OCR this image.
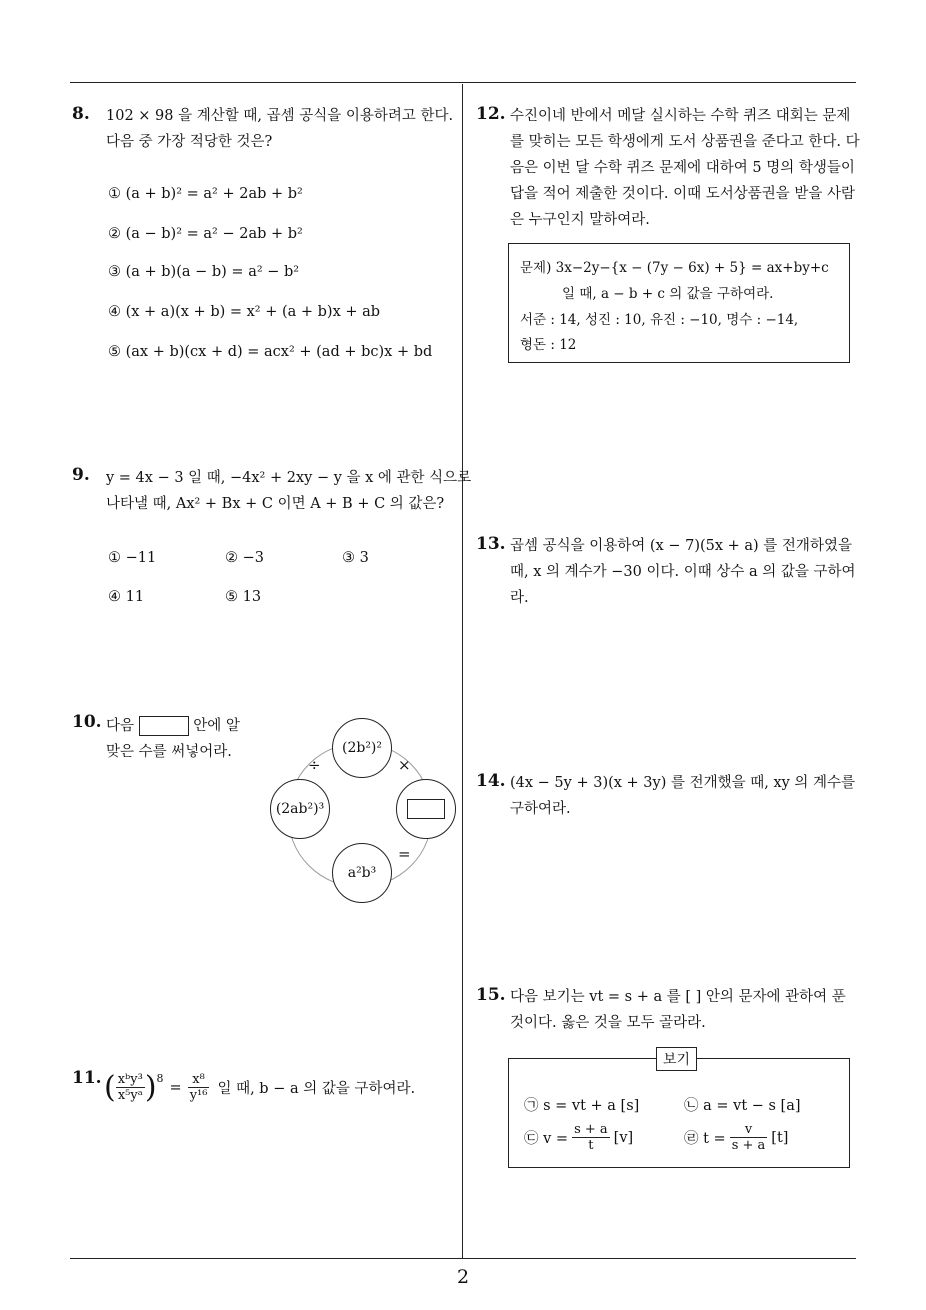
8. 102 × 98 을 계산할 때, 곱셈 공식을 이용하려고 한다. 다음 중 가장 적당한 것은?
① (a + b)² = a² + 2ab + b²
② (a − b)² = a² − 2ab + b²
③ (a + b)(a − b) = a² − b²
④ (x + a)(x + b) = x² + (a + b)x + ab
⑤ (ax + b)(cx + d) = acx² + (ad + bc)x + bd
9. y = 4x − 3 일 때, −4x² + 2xy − y 을 x 에 관한 식으로
나타낼 때, Ax² + Bx + C 이면 A + B + C 의 값은?
① −11	② −3	③ 3
④ 11	⑤ 13
10. 다음	안에 알
맞은 수를 써넣어라.	(2b²)²
(2ab²)³
a²b³
÷	×
=
11. ( $\frac{\text{xᵇy³}}{\text{x⁵yᵃ}} )^8$
= $\frac{\text{x⁸}}{\text{y¹⁶}}$ 일 때, b − a 의 값을 구하여라.
12. 수진이네 반에서 메달 실시하는 수학 퀴즈 대회는 문제를 맞히는 모든 학생에게 도서 상품권을 준다고 한다. 다음은 이번 달 수학 퀴즈 문제에 대하여 5 명의 학생들이 답을 적어 제출한 것이다. 이때 도서상품권을 받을 사람은 누구인지 말하여라.
문제) 3x−2y−{x − (7y − 6x) + 5} = ax+by+c
일 때, a − b + c 의 값을 구하여라.
서준 : 14, 성진 : 10, 유진 : −10, 명수 : −14,
형돈 : 12
13. 곱셈 공식을 이용하여 (x − 7)(5x + a) 를 전개하였을 때, x 의 계수가 −30 이다. 이때 상수 a 의 값을 구하여라.
14. (4x − 5y + 3)(x + 3y) 를 전개했을 때, xy 의 계수를 구하여라.
15. 다음 보기는 vt = s + a 를 [ ] 안의 문자에 관하여 푼 것이다. 옳은 것을 모두 골라라.
보기
㉠ s = vt + a [s]	㉡ a = vt − s [a]
㉢ $v = \frac{s + a}{t} [v]$	㉣ $t = \frac{v}{s + a} [t]$
2
